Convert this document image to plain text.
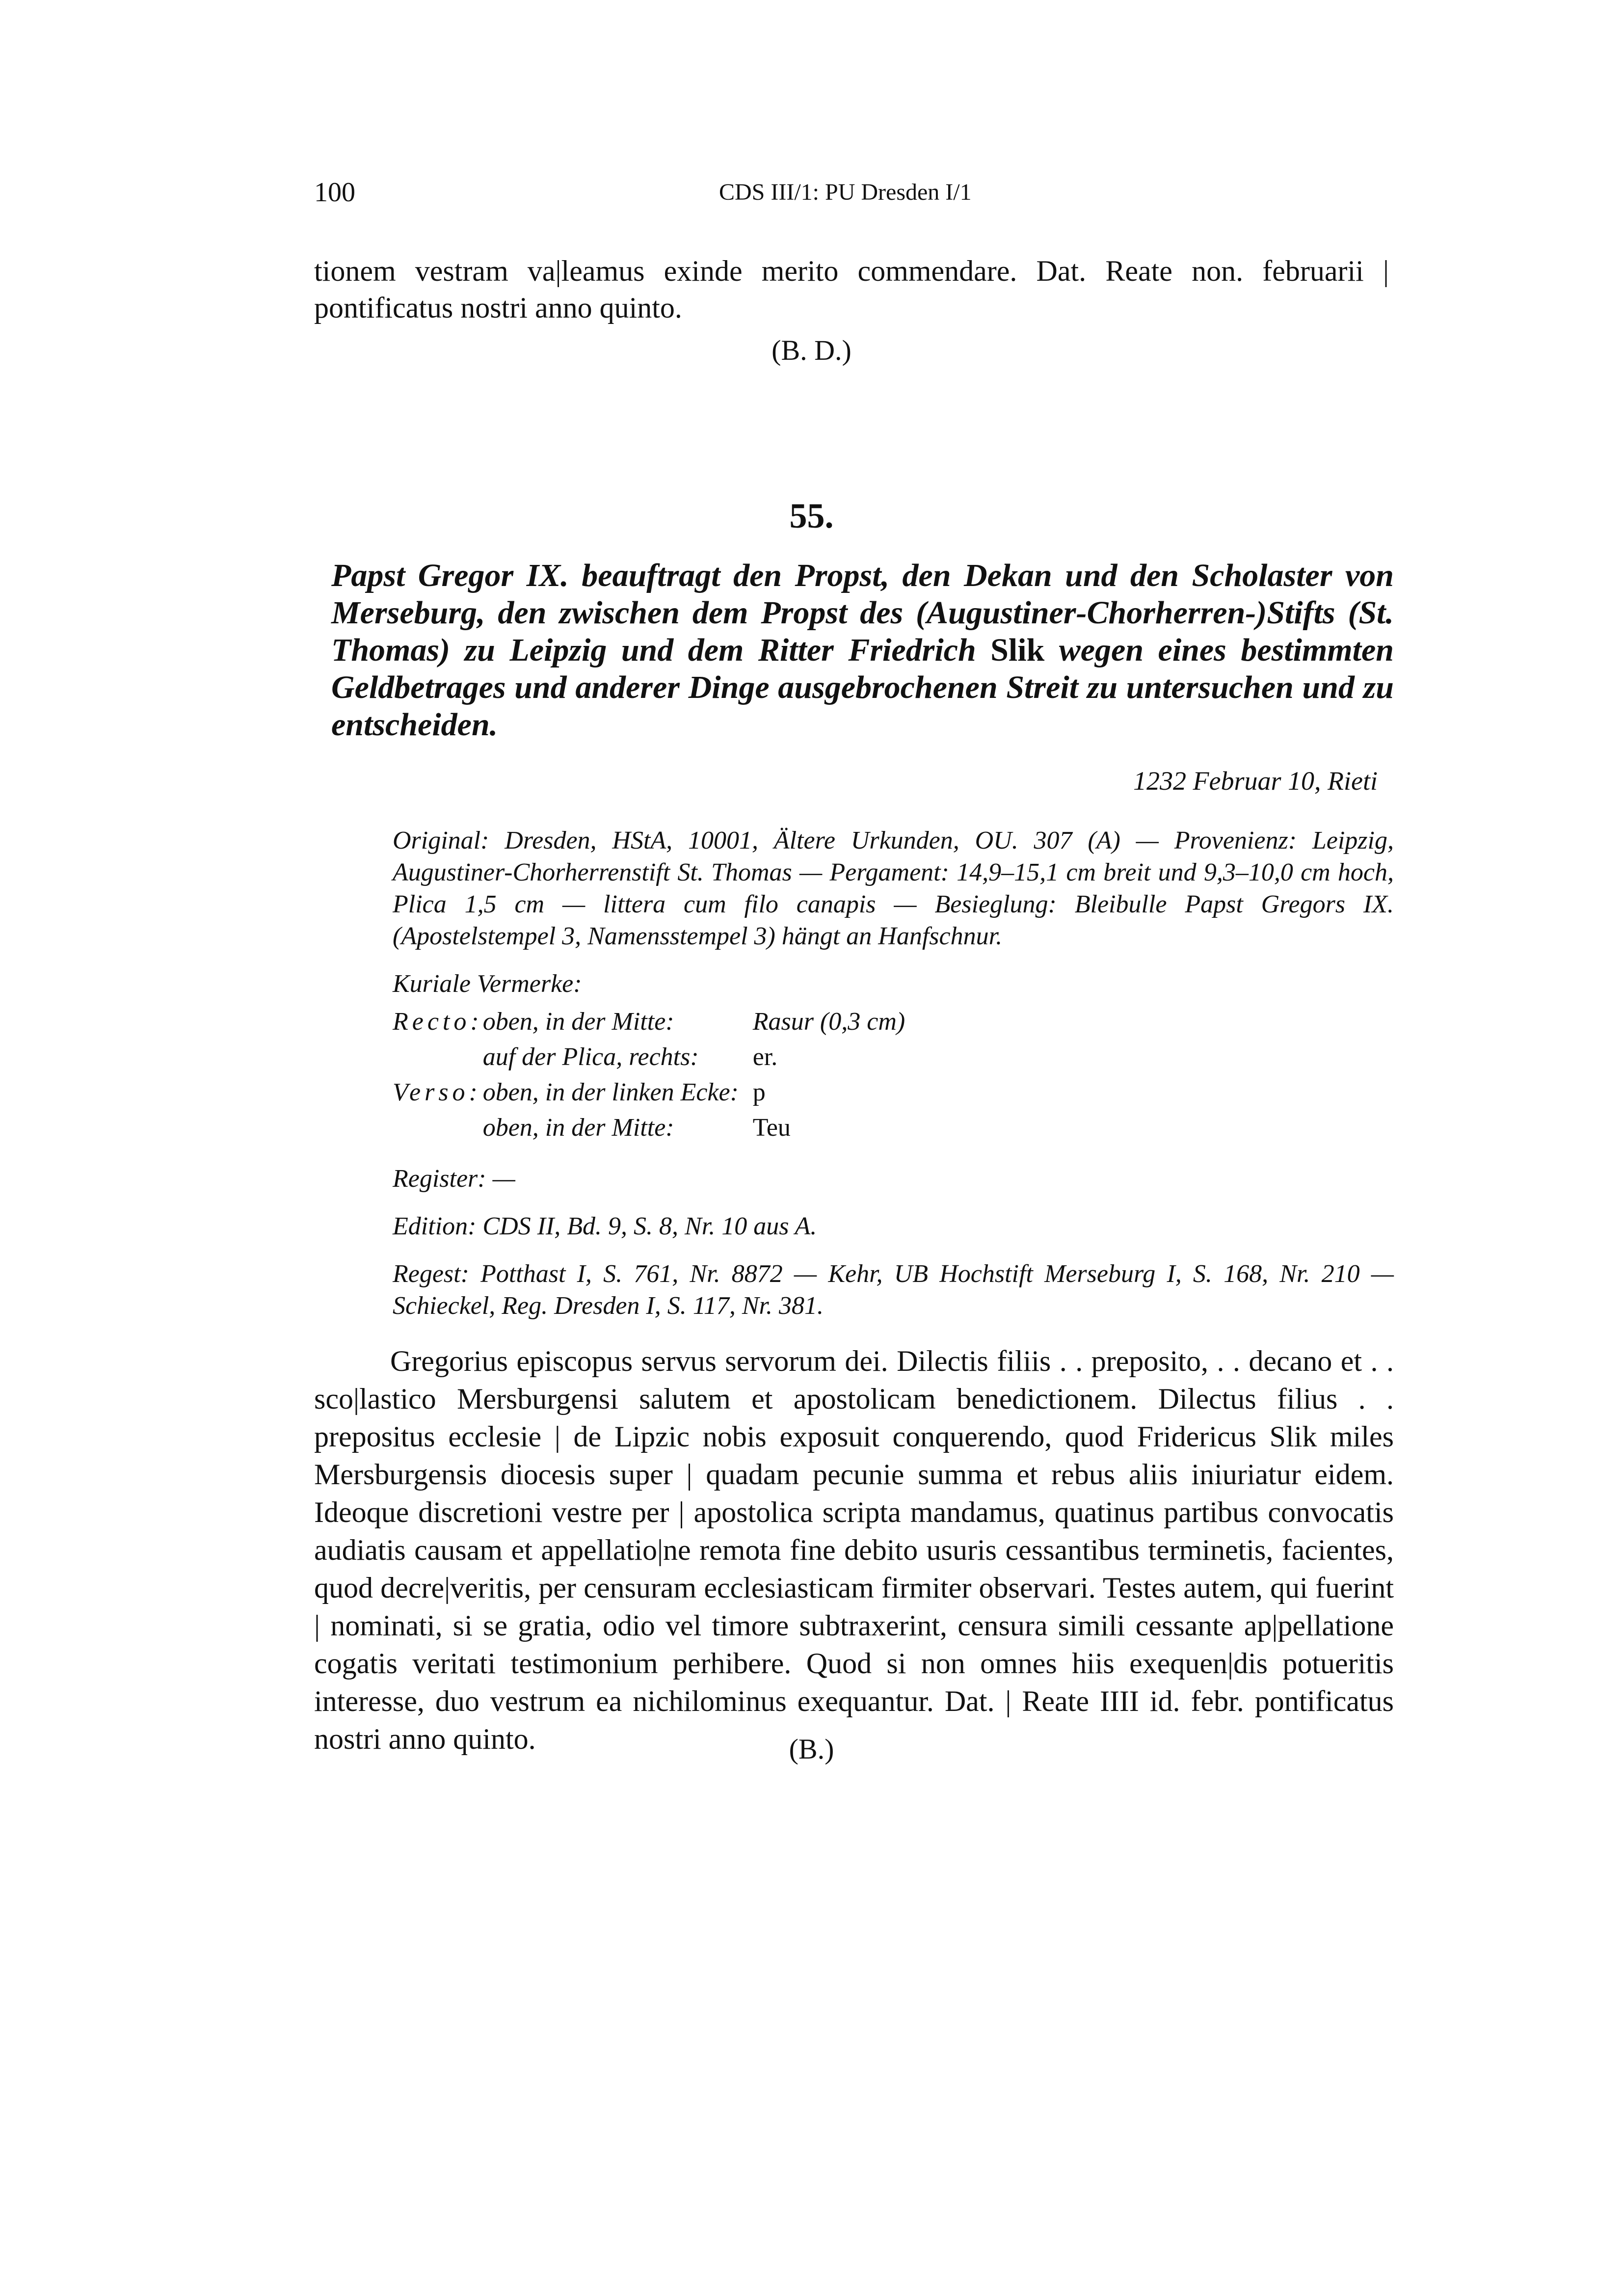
100	CDS III/1: PU Dresden I/1
tionem vestram va|leamus exinde merito commendare. Dat. Reate non. februarii | pontificatus nostri anno quinto.
(B. D.)
55.
Papst Gregor IX. beauftragt den Propst, den Dekan und den Scholaster von Merseburg, den zwischen dem Propst des (Augustiner-Chorherren-)Stifts (St. Thomas) zu Leipzig und dem Ritter Friedrich Slik wegen eines bestimmten Geldbetrages und anderer Dinge ausgebrochenen Streit zu untersuchen und zu entscheiden.
1232 Februar 10, Rieti

Original: Dresden, HStA, 10001, Ältere Urkunden, OU. 307 (A) — Provenienz: Leipzig, Augustiner-Chorherrenstift St. Thomas — Pergament: 14,9–15,1 cm breit und 9,3–10,0 cm hoch, Plica 1,5 cm — littera cum filo canapis — Besieglung: Bleibulle Papst Gregors IX. (Apostelstempel 3, Namensstempel 3) hängt an Hanfschnur.

Kuriale Vermerke:

Recto:	oben, in der Mitte:	Rasur (0,3 cm)
	auf der Plica, rechts:	er.
Verso:	oben, in der linken Ecke:	p
	oben, in der Mitte:	Teu

Register: —

Edition: CDS II, Bd. 9, S. 8, Nr. 10 aus A.

Regest: Potthast I, S. 761, Nr. 8872 — Kehr, UB Hochstift Merseburg I, S. 168, Nr. 210 — Schieckel, Reg. Dresden I, S. 117, Nr. 381.

Gregorius episcopus servus servorum dei. Dilectis filiis . . preposito, . . decano et . . sco|lastico Mersburgensi salutem et apostolicam benedictionem. Dilectus filius . . prepositus ecclesie | de Lipzic nobis exposuit conquerendo, quod Fridericus Slik miles Mersburgensis diocesis super | quadam pecunie summa et rebus aliis iniuriatur eidem. Ideoque discretioni vestre per | apostolica scripta mandamus, quatinus partibus convocatis audiatis causam et appellatio|ne remota fine debito usuris cessantibus terminetis, facientes, quod decre|veritis, per censuram ecclesiasticam firmiter observari. Testes autem, qui fuerint | nominati, si se gratia, odio vel timore subtraxerint, censura simili cessante ap|pellatione cogatis veritati testimonium perhibere. Quod si non omnes hiis exequen|dis potueritis interesse, duo vestrum ea nichilominus exequantur. Dat. | Reate IIII id. febr. pontificatus nostri anno quinto.	(B.)
